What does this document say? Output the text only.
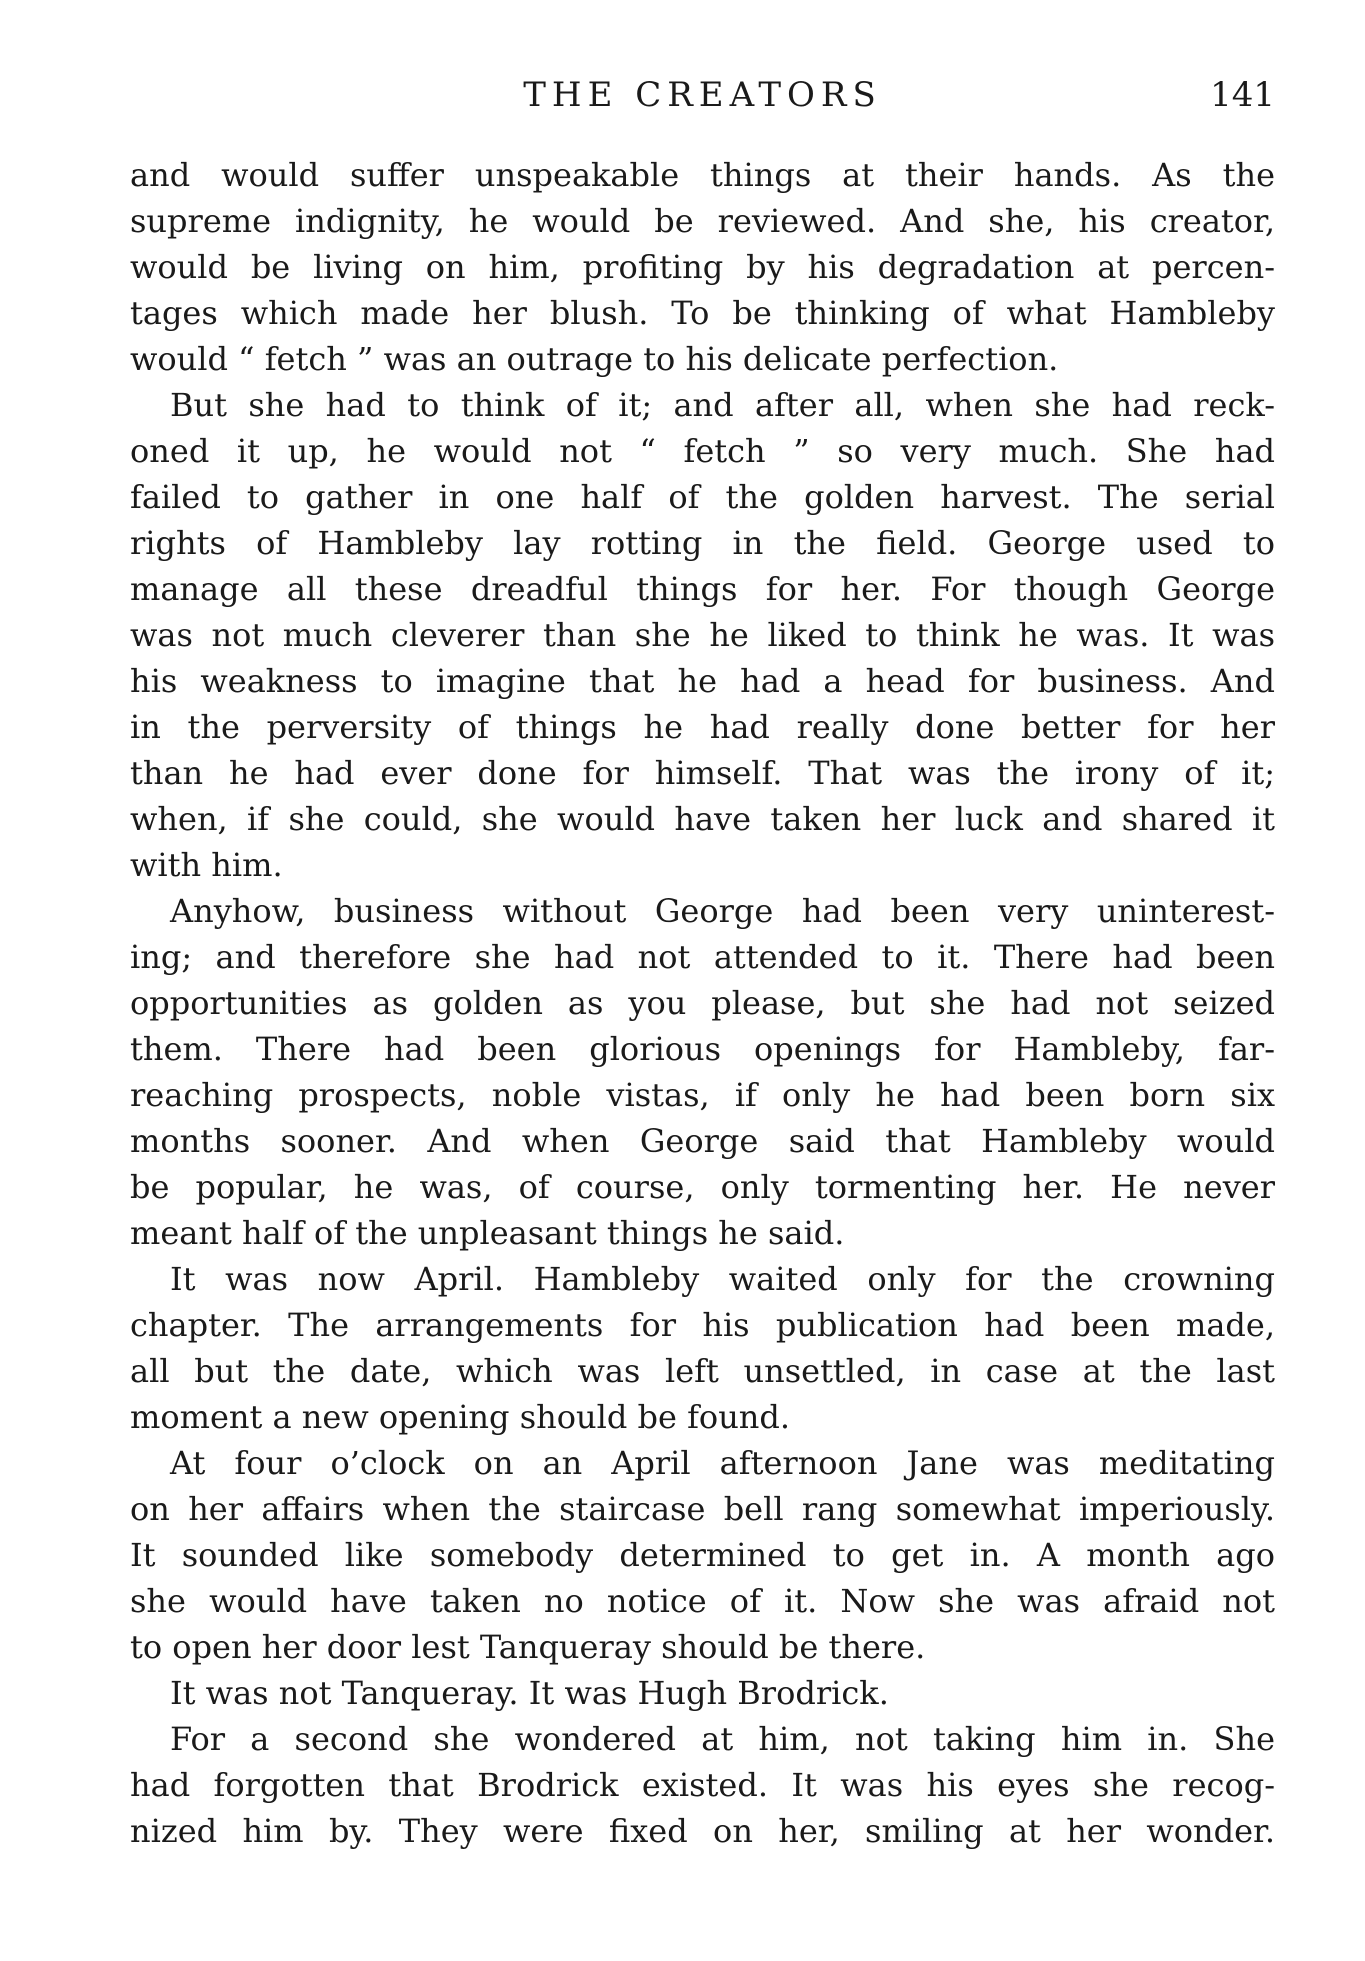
THE CREATORS	141
and would suffer unspeakable things at their hands. As the
supreme indignity, he would be reviewed. And she, his creator,
would be living on him, profiting by his degradation at percen-
tages which made her blush. To be thinking of what Hambleby
would “ fetch ” was an outrage to his delicate perfection.
But she had to think of it; and after all, when she had reck-
oned it up, he would not “ fetch ” so very much. She had
failed to gather in one half of the golden harvest. The serial
rights of Hambleby lay rotting in the field. George used to
manage all these dreadful things for her. For though George
was not much cleverer than she he liked to think he was. It was
his weakness to imagine that he had a head for business. And
in the perversity of things he had really done better for her
than he had ever done for himself. That was the irony of it;
when, if she could, she would have taken her luck and shared it
with him.
Anyhow, business without George had been very uninterest-
ing; and therefore she had not attended to it. There had been
opportunities as golden as you please, but she had not seized
them. There had been glorious openings for Hambleby, far-
reaching prospects, noble vistas, if only he had been born six
months sooner. And when George said that Hambleby would
be popular, he was, of course, only tormenting her. He never
meant half of the unpleasant things he said.
It was now April. Hambleby waited only for the crowning
chapter. The arrangements for his publication had been made,
all but the date, which was left unsettled, in case at the last
moment a new opening should be found.
At four o’clock on an April afternoon Jane was meditating
on her affairs when the staircase bell rang somewhat imperiously.
It sounded like somebody determined to get in. A month ago
she would have taken no notice of it. Now she was afraid not
to open her door lest Tanqueray should be there.
It was not Tanqueray. It was Hugh Brodrick.
For a second she wondered at him, not taking him in. She
had forgotten that Brodrick existed. It was his eyes she recog-
nized him by. They were fixed on her, smiling at her wonder.
